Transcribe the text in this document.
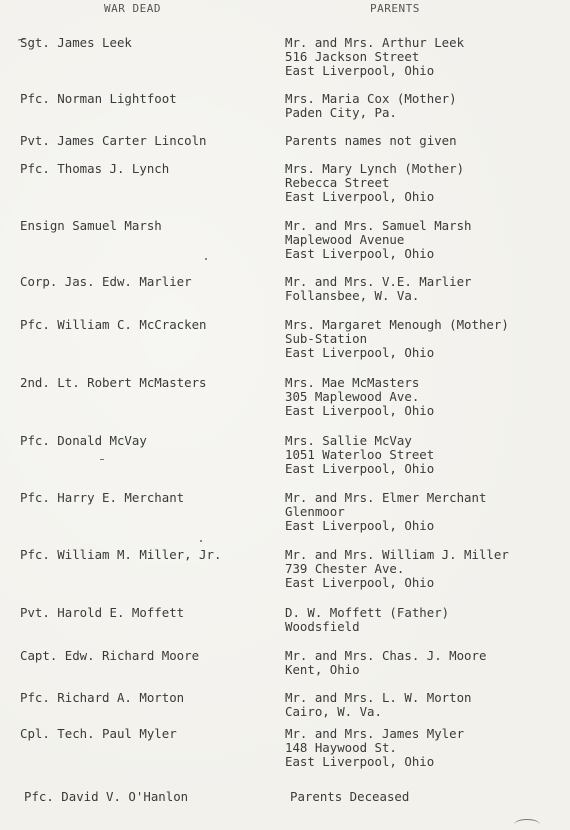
WAR DEAD	PARENTS
Sgt. James Leek	Mr. and Mrs. Arthur Leek
516 Jackson Street
East Liverpool, Ohio
Pfc. Norman Lightfoot	Mrs. Maria Cox (Mother)
Paden City, Pa.
Pvt. James Carter Lincoln	Parents names not given
Pfc. Thomas J. Lynch	Mrs. Mary Lynch (Mother)
Rebecca Street
East Liverpool, Ohio
Ensign Samuel Marsh	Mr. and Mrs. Samuel Marsh
Maplewood Avenue
East Liverpool, Ohio
Corp. Jas. Edw. Marlier	Mr. and Mrs. V.E. Marlier
Follansbee, W. Va.
Pfc. William C. McCracken	Mrs. Margaret Menough (Mother)
Sub-Station
East Liverpool, Ohio
2nd. Lt. Robert McMasters	Mrs. Mae McMasters
305 Maplewood Ave.
East Liverpool, Ohio
Pfc. Donald McVay	Mrs. Sallie McVay
1051 Waterloo Street
East Liverpool, Ohio
Pfc. Harry E. Merchant	Mr. and Mrs. Elmer Merchant
Glenmoor
East Liverpool, Ohio
Pfc. William M. Miller, Jr.	Mr. and Mrs. William J. Miller
739 Chester Ave.
East Liverpool, Ohio
Pvt. Harold E. Moffett	D. W. Moffett (Father)
Woodsfield
Capt. Edw. Richard Moore	Mr. and Mrs. Chas. J. Moore
Kent, Ohio
Pfc. Richard A. Morton	Mr. and Mrs. L. W. Morton
Cairo, W. Va.
Cpl. Tech. Paul Myler	Mr. and Mrs. James Myler
148 Haywood St.
East Liverpool, Ohio
Pfc. David V. O'Hanlon	Parents Deceased
